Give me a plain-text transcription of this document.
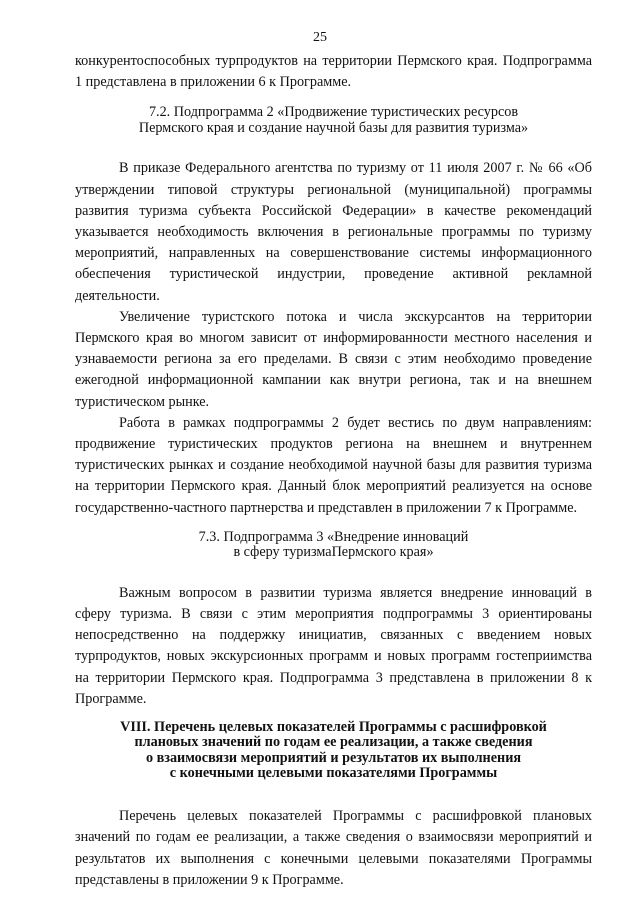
25

конкурентоспособных турпродуктов на территории Пермского края. Подпрограмма 1 представлена в приложении 6 к Программе.

7.2. Подпрограмма 2 «Продвижение туристических ресурсов

Пермского края и создание научной базы для развития туризма»

В приказе Федерального агентства по туризму от 11 июля 2007 г. № 66 «Об утверждении типовой структуры региональной (муниципальной) программы развития туризма субъекта Российской Федерации» в качестве рекомендаций указывается необходимость включения в региональные программы по туризму мероприятий, направленных на совершенствование системы информационного обеспечения туристической индустрии, проведение активной рекламной деятельности.

Увеличение туристского потока и числа экскурсантов на территории Пермского края во многом зависит от информированности местного населения и узнаваемости региона за его пределами. В связи с этим необходимо проведение ежегодной информационной кампании как внутри региона, так и на внешнем туристическом рынке.

Работа в рамках подпрограммы 2 будет вестись по двум направлениям: продвижение туристических продуктов региона на внешнем и внутреннем туристических рынках и создание необходимой научной базы для развития туризма на территории Пермского края. Данный блок мероприятий реализуется на основе государственно-частного партнерства и представлен в приложении 7 к Программе.

7.3. Подпрограмма 3 «Внедрение инноваций

в сферу туризмаПермского края»

Важным вопросом в развитии туризма является внедрение инноваций в сферу туризма. В связи с этим мероприятия подпрограммы 3 ориентированы непосредственно на поддержку инициатив, связанных с введением новых турпродуктов, новых экскурсионных программ и новых программ гостеприимства на территории Пермского края. Подпрограмма 3 представлена в приложении 8 к Программе.

VIII. Перечень целевых показателей Программы с расшифровкой

плановых значений по годам ее реализации, а также сведения

о взаимосвязи мероприятий и результатов их выполнения

с конечными целевыми показателями Программы

Перечень целевых показателей Программы с расшифровкой плановых значений по годам ее реализации, а также сведения о взаимосвязи мероприятий и результатов их выполнения с конечными целевыми показателями Программы представлены в приложении 9 к Программе.
